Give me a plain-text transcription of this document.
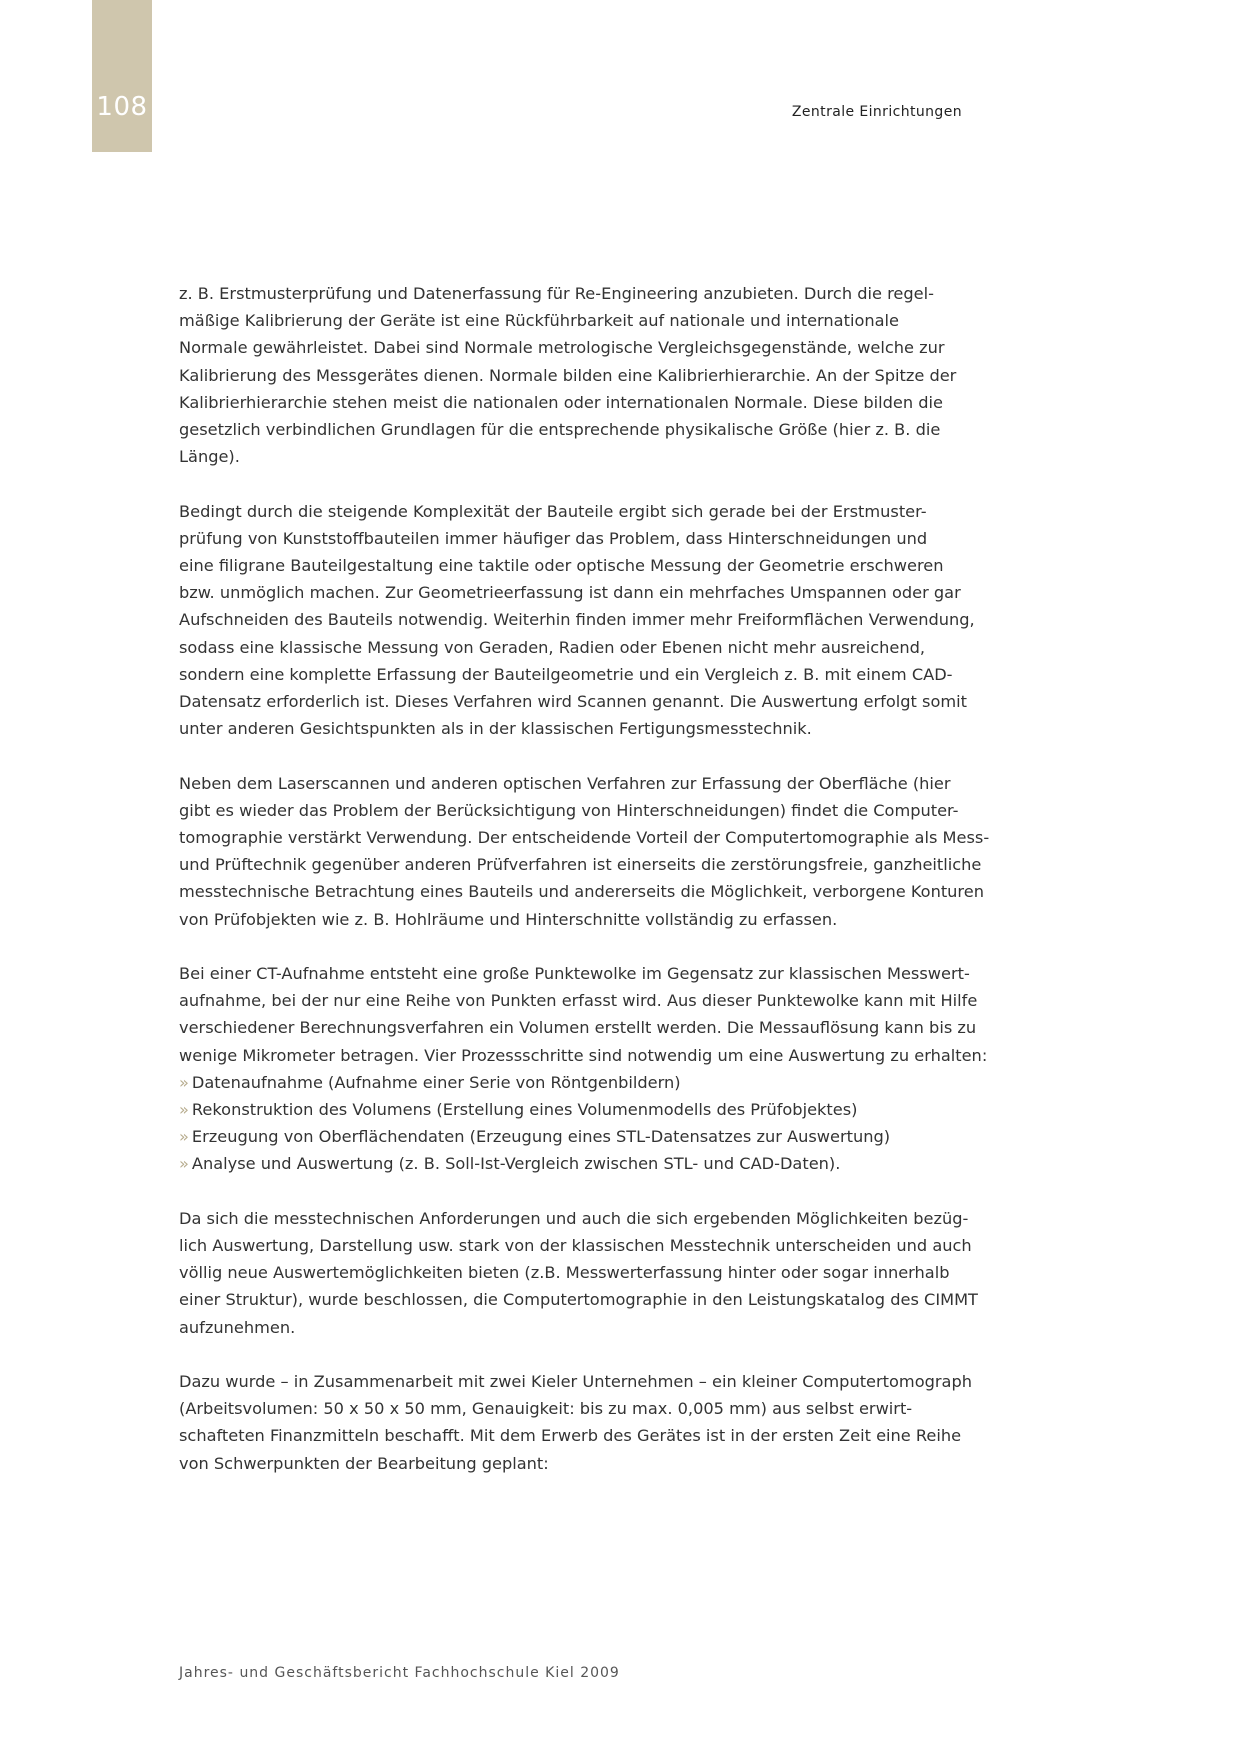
108	Zentrale Einrichtungen

z. B. Erstmusterprüfung und Datenerfassung für Re-Engineering anzubieten. Durch die regel-
mäßige Kalibrierung der Geräte ist eine Rückführbarkeit auf nationale und internationale
Normale gewährleistet. Dabei sind Normale metrologische Vergleichsgegenstände, welche zur
Kalibrierung des Messgerätes dienen. Normale bilden eine Kalibrierhierarchie. An der Spitze der
Kalibrierhierarchie stehen meist die nationalen oder internationalen Normale. Diese bilden die
gesetzlich verbindlichen Grundlagen für die entsprechende physikalische Größe (hier z. B. die
Länge).

Bedingt durch die steigende Komplexität der Bauteile ergibt sich gerade bei der Erstmuster-
prüfung von Kunststoffbauteilen immer häufiger das Problem, dass Hinterschneidungen und
eine filigrane Bauteilgestaltung eine taktile oder optische Messung der Geometrie erschweren
bzw. unmöglich machen. Zur Geometrieerfassung ist dann ein mehrfaches Umspannen oder gar
Aufschneiden des Bauteils notwendig. Weiterhin finden immer mehr Freiformflächen Verwendung,
sodass eine klassische Messung von Geraden, Radien oder Ebenen nicht mehr ausreichend,
sondern eine komplette Erfassung der Bauteilgeometrie und ein Vergleich z. B. mit einem CAD-
Datensatz erforderlich ist. Dieses Verfahren wird Scannen genannt. Die Auswertung erfolgt somit
unter anderen Gesichtspunkten als in der klassischen Fertigungsmesstechnik.

Neben dem Laserscannen und anderen optischen Verfahren zur Erfassung der Oberfläche (hier
gibt es wieder das Problem der Berücksichtigung von Hinterschneidungen) findet die Computer-
tomographie verstärkt Verwendung. Der entscheidende Vorteil der Computertomographie als Mess-
und Prüftechnik gegenüber anderen Prüfverfahren ist einerseits die zerstörungsfreie, ganzheitliche
messtechnische Betrachtung eines Bauteils und andererseits die Möglichkeit, verborgene Konturen
von Prüfobjekten wie z. B. Hohlräume und Hinterschnitte vollständig zu erfassen.

Bei einer CT-Aufnahme entsteht eine große Punktewolke im Gegensatz zur klassischen Messwert-
aufnahme, bei der nur eine Reihe von Punkten erfasst wird. Aus dieser Punktewolke kann mit Hilfe
verschiedener Berechnungsverfahren ein Volumen erstellt werden. Die Messauflösung kann bis zu
wenige Mikrometer betragen. Vier Prozessschritte sind notwendig um eine Auswertung zu erhalten:
» Datenaufnahme (Aufnahme einer Serie von Röntgenbildern)
» Rekonstruktion des Volumens (Erstellung eines Volumenmodells des Prüfobjektes)
» Erzeugung von Oberflächendaten (Erzeugung eines STL-Datensatzes zur Auswertung)
» Analyse und Auswertung (z. B. Soll-Ist-Vergleich zwischen STL- und CAD-Daten).

Da sich die messtechnischen Anforderungen und auch die sich ergebenden Möglichkeiten bezüg-
lich Auswertung, Darstellung usw. stark von der klassischen Messtechnik unterscheiden und auch
völlig neue Auswertemöglichkeiten bieten (z.B. Messwerterfassung hinter oder sogar innerhalb
einer Struktur), wurde beschlossen, die Computertomographie in den Leistungskatalog des CIMMT
aufzunehmen.

Dazu wurde – in Zusammenarbeit mit zwei Kieler Unternehmen – ein kleiner Computertomograph
(Arbeitsvolumen: 50 x 50 x 50 mm, Genauigkeit: bis zu max. 0,005 mm) aus selbst erwirt-
schafteten Finanzmitteln beschafft. Mit dem Erwerb des Gerätes ist in der ersten Zeit eine Reihe
von Schwerpunkten der Bearbeitung geplant:

Jahres- und Geschäftsbericht Fachhochschule Kiel 2009
